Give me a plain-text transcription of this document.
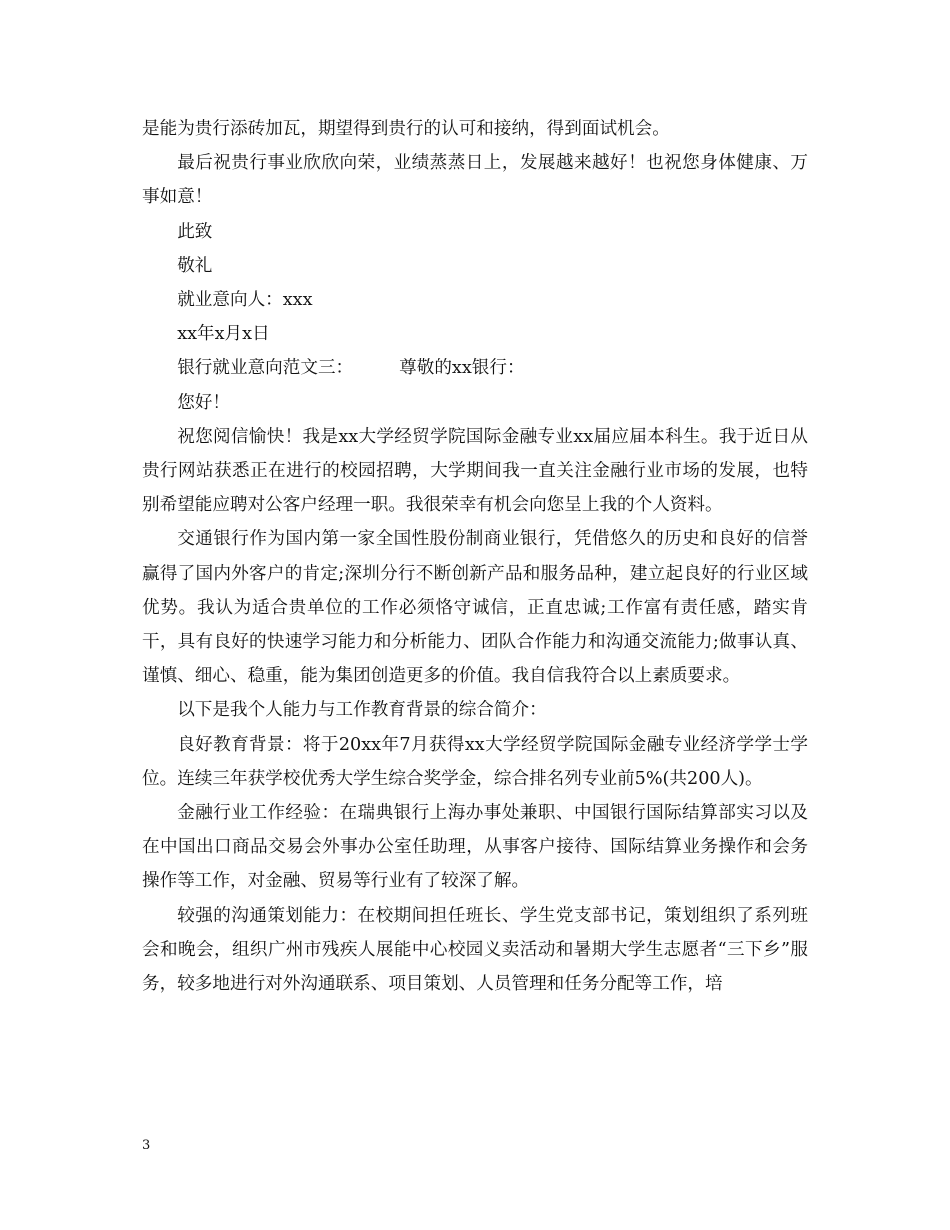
是能为贵行添砖加瓦，期望得到贵行的认可和接纳，得到面试机会。

最后祝贵行事业欣欣向荣，业绩蒸蒸日上，发展越来越好！也祝您身体健康、万事如意！

此致

敬礼

就业意向人：xxx

xx年x月x日

银行就业意向范文三：	尊敬的xx银行：

您好！

祝您阅信愉快！我是xx大学经贸学院国际金融专业xx届应届本科生。我于近日从贵行网站获悉正在进行的校园招聘，大学期间我一直关注金融行业市场的发展，也特别希望能应聘对公客户经理一职。我很荣幸有机会向您呈上我的个人资料。

交通银行作为国内第一家全国性股份制商业银行，凭借悠久的历史和良好的信誉赢得了国内外客户的肯定;深圳分行不断创新产品和服务品种，建立起良好的行业区域优势。我认为适合贵单位的工作必须恪守诚信，正直忠诚;工作富有责任感，踏实肯干，具有良好的快速学习能力和分析能力、团队合作能力和沟通交流能力;做事认真、谨慎、细心、稳重，能为集团创造更多的价值。我自信我符合以上素质要求。

以下是我个人能力与工作教育背景的综合简介：

良好教育背景：将于20xx年7月获得xx大学经贸学院国际金融专业经济学学士学位。连续三年获学校优秀大学生综合奖学金，综合排名列专业前5%(共200人)。

金融行业工作经验：在瑞典银行上海办事处兼职、中国银行国际结算部实习以及在中国出口商品交易会外事办公室任助理，从事客户接待、国际结算业务操作和会务操作等工作，对金融、贸易等行业有了较深了解。

较强的沟通策划能力：在校期间担任班长、学生党支部书记，策划组织了系列班会和晚会，组织广州市残疾人展能中心校园义卖活动和暑期大学生志愿者“三下乡”服务，较多地进行对外沟通联系、项目策划、人员管理和任务分配等工作，培

3
